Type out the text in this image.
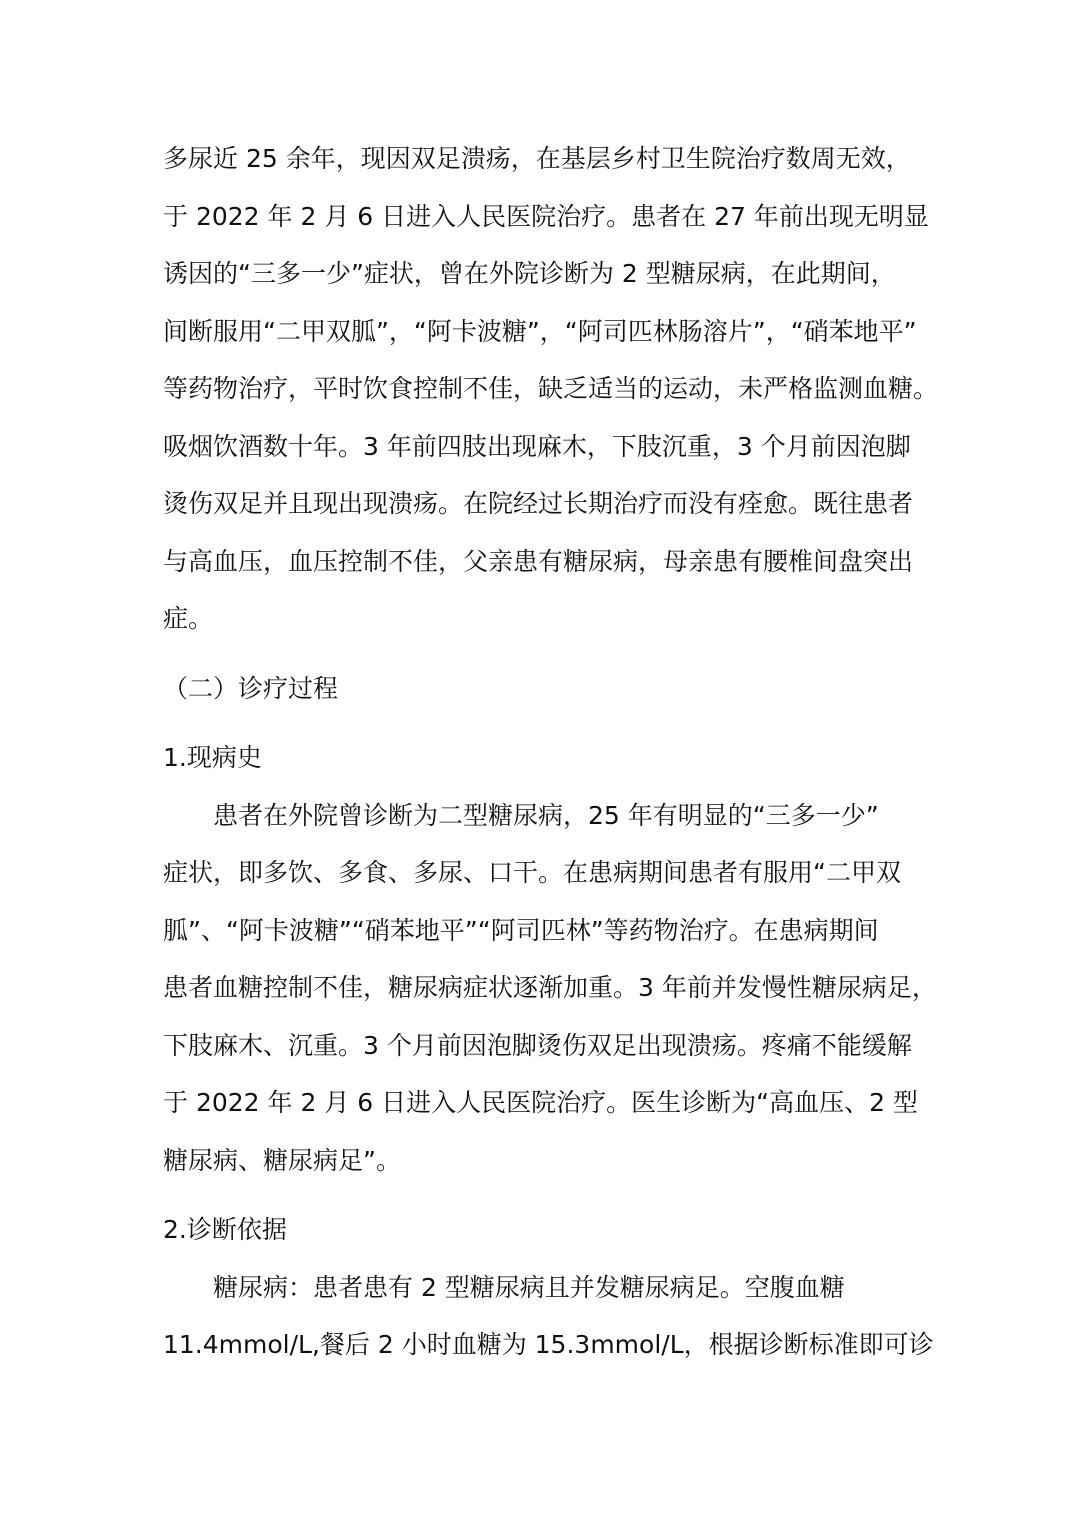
多尿近 25 余年，现因双足溃疡，在基层乡村卫生院治疗数周无效，
于 2022 年 2 月 6 日进入人民医院治疗。患者在 27 年前出现无明显
诱因的“三多一少”症状，曾在外院诊断为 2 型糖尿病，在此期间，
间断服用“二甲双胍”，“阿卡波糖”，“阿司匹林肠溶片”，“硝苯地平”
等药物治疗，平时饮食控制不佳，缺乏适当的运动，未严格监测血糖。
吸烟饮酒数十年。3 年前四肢出现麻木，下肢沉重，3 个月前因泡脚
烫伤双足并且现出现溃疡。在院经过长期治疗而没有痊愈。既往患者
与高血压，血压控制不佳，父亲患有糖尿病，母亲患有腰椎间盘突出
症。
（二）诊疗过程
1.现病史
患者在外院曾诊断为二型糖尿病，25 年有明显的“三多一少”
症状，即多饮、多食、多尿、口干。在患病期间患者有服用“二甲双
胍”、“阿卡波糖”“硝苯地平”“阿司匹林”等药物治疗。在患病期间
患者血糖控制不佳，糖尿病症状逐渐加重。3 年前并发慢性糖尿病足，
下肢麻木、沉重。3 个月前因泡脚烫伤双足出现溃疡。疼痛不能缓解
于 2022 年 2 月 6 日进入人民医院治疗。医生诊断为“高血压、2 型
糖尿病、糖尿病足”。
2.诊断依据
糖尿病：患者患有 2 型糖尿病且并发糖尿病足。空腹血糖
11.4mmol/L,餐后 2 小时血糖为 15.3mmol/L，根据诊断标准即可诊
